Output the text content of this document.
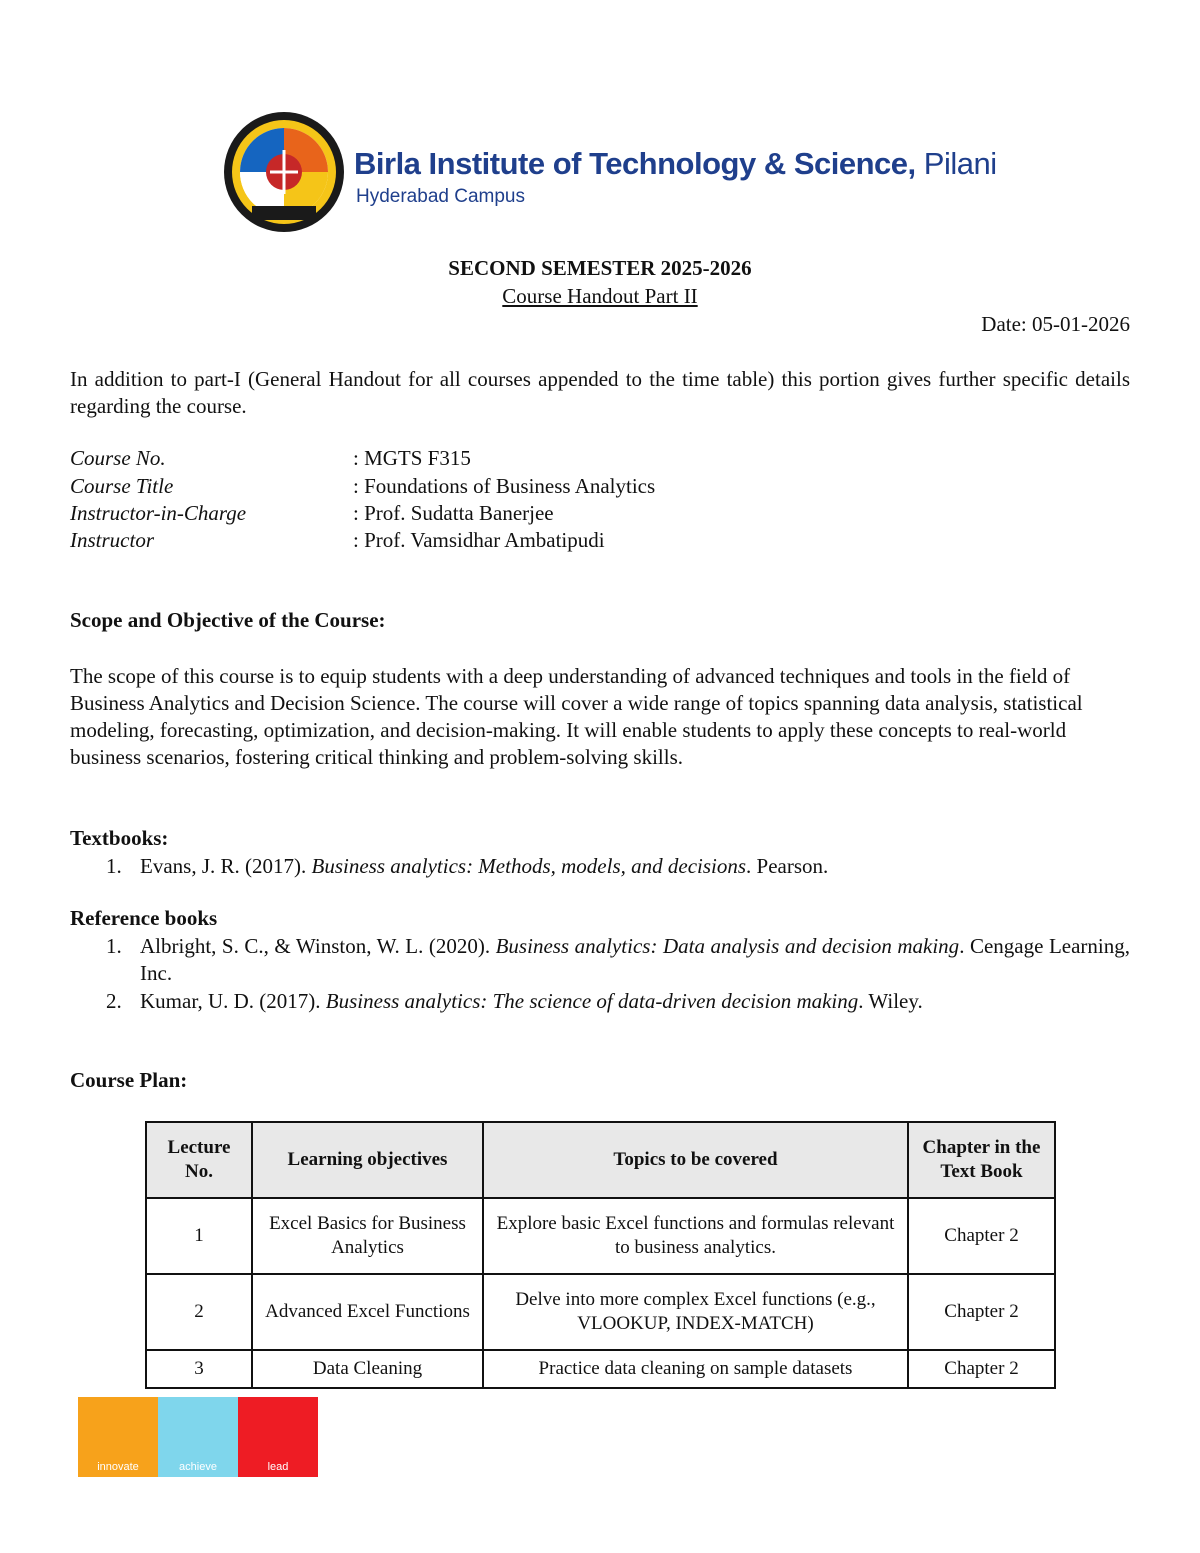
Birla Institute of Technology & Science, Pilani
Hyderabad Campus
SECOND SEMESTER 2025-2026
Course Handout Part II
Date: 05-01-2026
In addition to part-I (General Handout for all courses appended to the time table) this portion gives further specific details regarding the course.
Course No.	: MGTS F315
Course Title	: Foundations of Business Analytics
Instructor-in-Charge	: Prof. Sudatta Banerjee
Instructor	: Prof. Vamsidhar Ambatipudi
Scope and Objective of the Course:
The scope of this course is to equip students with a deep understanding of advanced techniques and tools in the field of Business Analytics and Decision Science. The course will cover a wide range of topics spanning data analysis, statistical modeling, forecasting, optimization, and decision-making. It will enable students to apply these concepts to real-world business scenarios, fostering critical thinking and problem-solving skills.
Textbooks:
1. Evans, J. R. (2017). Business analytics: Methods, models, and decisions. Pearson.
Reference books
1. Albright, S. C., & Winston, W. L. (2020). Business analytics: Data analysis and decision making. Cengage Learning, Inc.
2. Kumar, U. D. (2017). Business analytics: The science of data-driven decision making. Wiley.
Course Plan:
Lecture No.	Learning objectives	Topics to be covered	Chapter in the Text Book
1	Excel Basics for Business Analytics	Explore basic Excel functions and formulas relevant to business analytics.	Chapter 2
2	Advanced Excel Functions	Delve into more complex Excel functions (e.g., VLOOKUP, INDEX-MATCH)	Chapter 2
3	Data Cleaning	Practice data cleaning on sample datasets	Chapter 2
innovate	achieve	lead
